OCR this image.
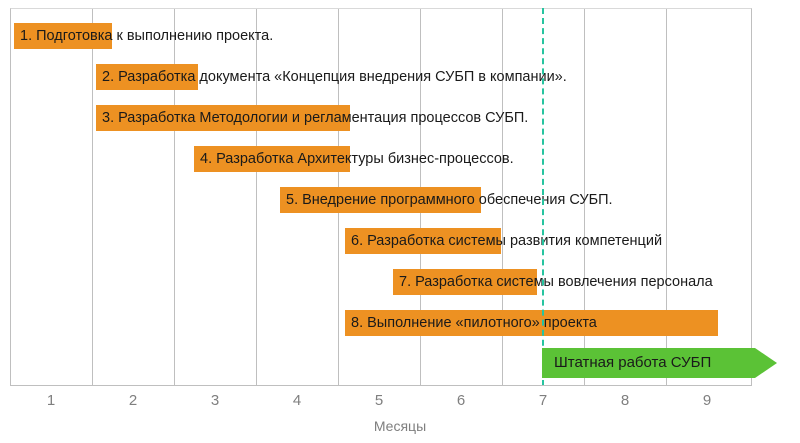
1. Подготовка к выполнению проекта.
2. Разработка документа «Концепция внедрения СУБП в компании».
3. Разработка Методологии и регламентация процессов СУБП.
4. Разработка Архитектуры бизнес-процессов.
5. Внедрение программного обеспечения СУБП.
6. Разработка системы развития компетенций
7. Разработка системы вовлечения персонала
8. Выполнение «пилотного» проекта
Штатная работа СУБП
1	2	3	4	5	6	7	8	9
Месяцы
